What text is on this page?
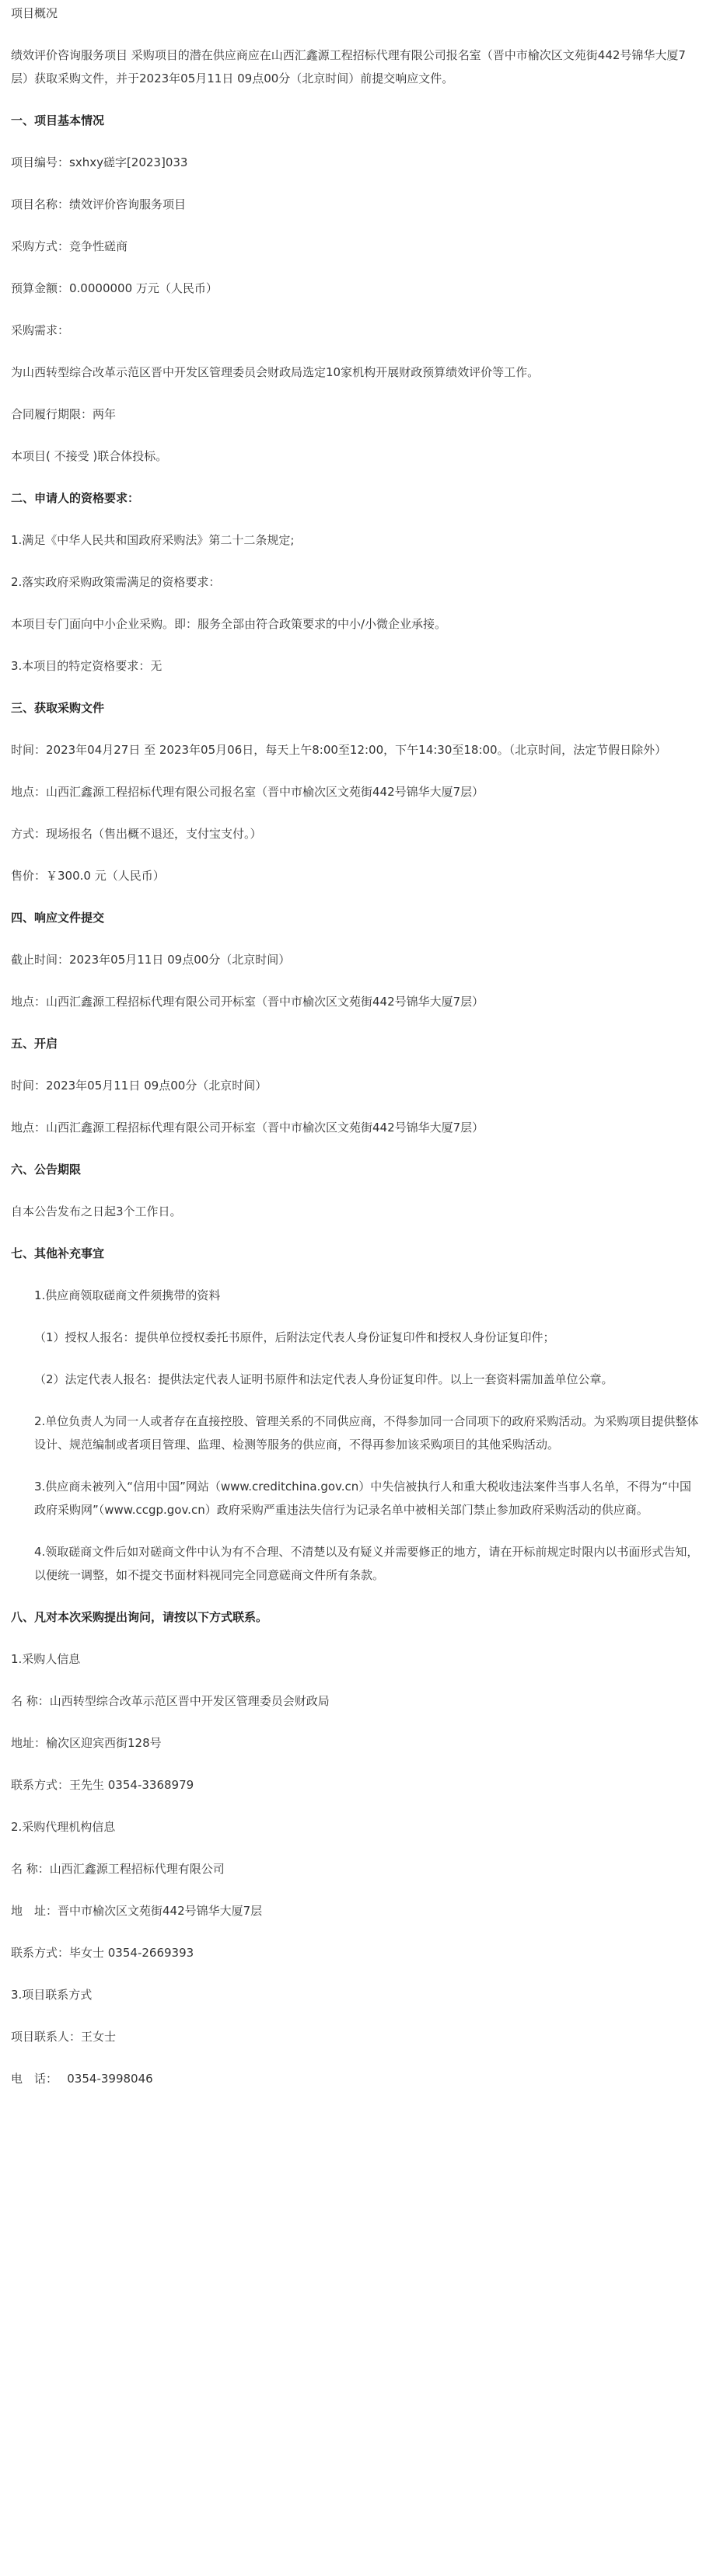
项目概况

绩效评价咨询服务项目 采购项目的潜在供应商应在山西汇鑫源工程招标代理有限公司报名室（晋中市榆次区文苑街442号锦华大厦7层）获取采购文件，并于2023年05月11日 09点00分（北京时间）前提交响应文件。

一、项目基本情况

项目编号：sxhxy磋字[2023]033

项目名称：绩效评价咨询服务项目

采购方式：竞争性磋商

预算金额：0.0000000 万元（人民币）

采购需求：

为山西转型综合改革示范区晋中开发区管理委员会财政局选定10家机构开展财政预算绩效评价等工作。

合同履行期限：两年

本项目( 不接受 )联合体投标。

二、申请人的资格要求：

1.满足《中华人民共和国政府采购法》第二十二条规定;

2.落实政府采购政策需满足的资格要求：

本项目专门面向中小企业采购。即：服务全部由符合政策要求的中小/小微企业承接。

3.本项目的特定资格要求：无

三、获取采购文件

时间：2023年04月27日 至 2023年05月06日，每天上午8:00至12:00，下午14:30至18:00。（北京时间，法定节假日除外）

地点：山西汇鑫源工程招标代理有限公司报名室（晋中市榆次区文苑街442号锦华大厦7层）

方式：现场报名（售出概不退还，支付宝支付。）

售价：￥300.0 元（人民币）

四、响应文件提交

截止时间：2023年05月11日 09点00分（北京时间）

地点：山西汇鑫源工程招标代理有限公司开标室（晋中市榆次区文苑街442号锦华大厦7层）

五、开启

时间：2023年05月11日 09点00分（北京时间）

地点：山西汇鑫源工程招标代理有限公司开标室（晋中市榆次区文苑街442号锦华大厦7层）

六、公告期限

自本公告发布之日起3个工作日。

七、其他补充事宜

1.供应商领取磋商文件须携带的资料

（1）授权人报名：提供单位授权委托书原件，后附法定代表人身份证复印件和授权人身份证复印件；

（2）法定代表人报名：提供法定代表人证明书原件和法定代表人身份证复印件。以上一套资料需加盖单位公章。

2.单位负责人为同一人或者存在直接控股、管理关系的不同供应商，不得参加同一合同项下的政府采购活动。为采购项目提供整体设计、规范编制或者项目管理、监理、检测等服务的供应商，不得再参加该采购项目的其他采购活动。

3.供应商未被列入“信用中国”网站（www.creditchina.gov.cn）中失信被执行人和重大税收违法案件当事人名单，不得为“中国政府采购网”（www.ccgp.gov.cn）政府采购严重违法失信行为记录名单中被相关部门禁止参加政府采购活动的供应商。

4.领取磋商文件后如对磋商文件中认为有不合理、不清楚以及有疑义并需要修正的地方，请在开标前规定时限内以书面形式告知，以便统一调整，如不提交书面材料视同完全同意磋商文件所有条款。

八、凡对本次采购提出询问，请按以下方式联系。

1.采购人信息

名 称：山西转型综合改革示范区晋中开发区管理委员会财政局

地址：榆次区迎宾西街128号

联系方式：王先生 0354-3368979

2.采购代理机构信息

名 称：山西汇鑫源工程招标代理有限公司

地　址：晋中市榆次区文苑街442号锦华大厦7层

联系方式：毕女士 0354-2669393

3.项目联系方式

项目联系人：王女士

电　话：　 0354-3998046
